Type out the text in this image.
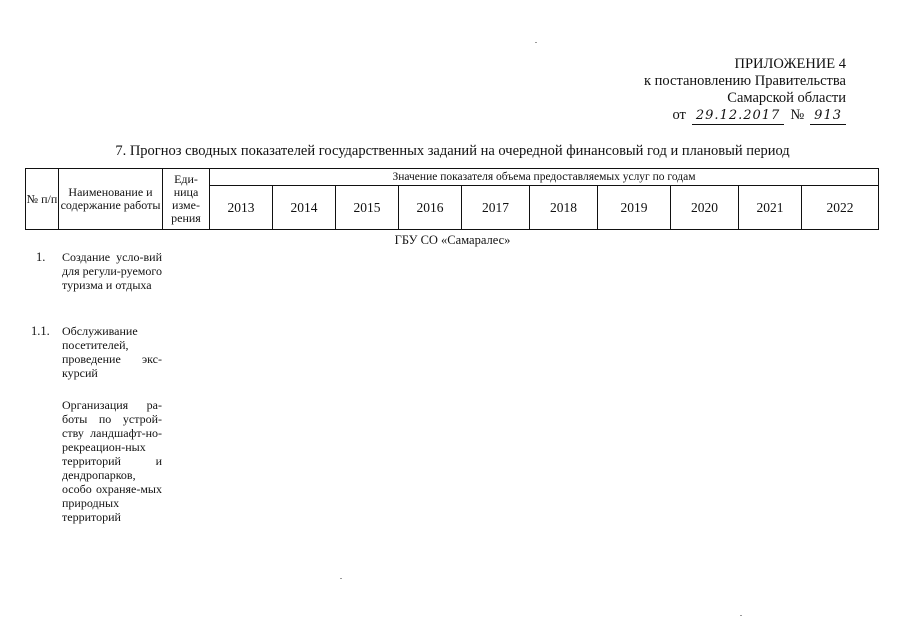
ПРИЛОЖЕНИЕ 4
к постановлению Правительства
Самарской области
от 29.12.2017 № 913
7. Прогноз сводных показателей государственных заданий на очередной финансовый год и плановый период
№ п/п	Наименование и содержание работы	Еди-ница изме-рения	Значение показателя объема предоставляемых услуг по годам									
			2013	2014	2015	2016	2017	2018	2019	2020	2021	2022
ГБУ СО «Самаралес»
1. Создание усло-вий для регули-руемого туризма и отдыха
1.1. Обслуживание посетителей, проведение экс-курсий
Организация ра-боты по устрой-ству ландшафт-но-рекреацион-ных территорий и дендропарков, особо охраняе-мых природных территорий
